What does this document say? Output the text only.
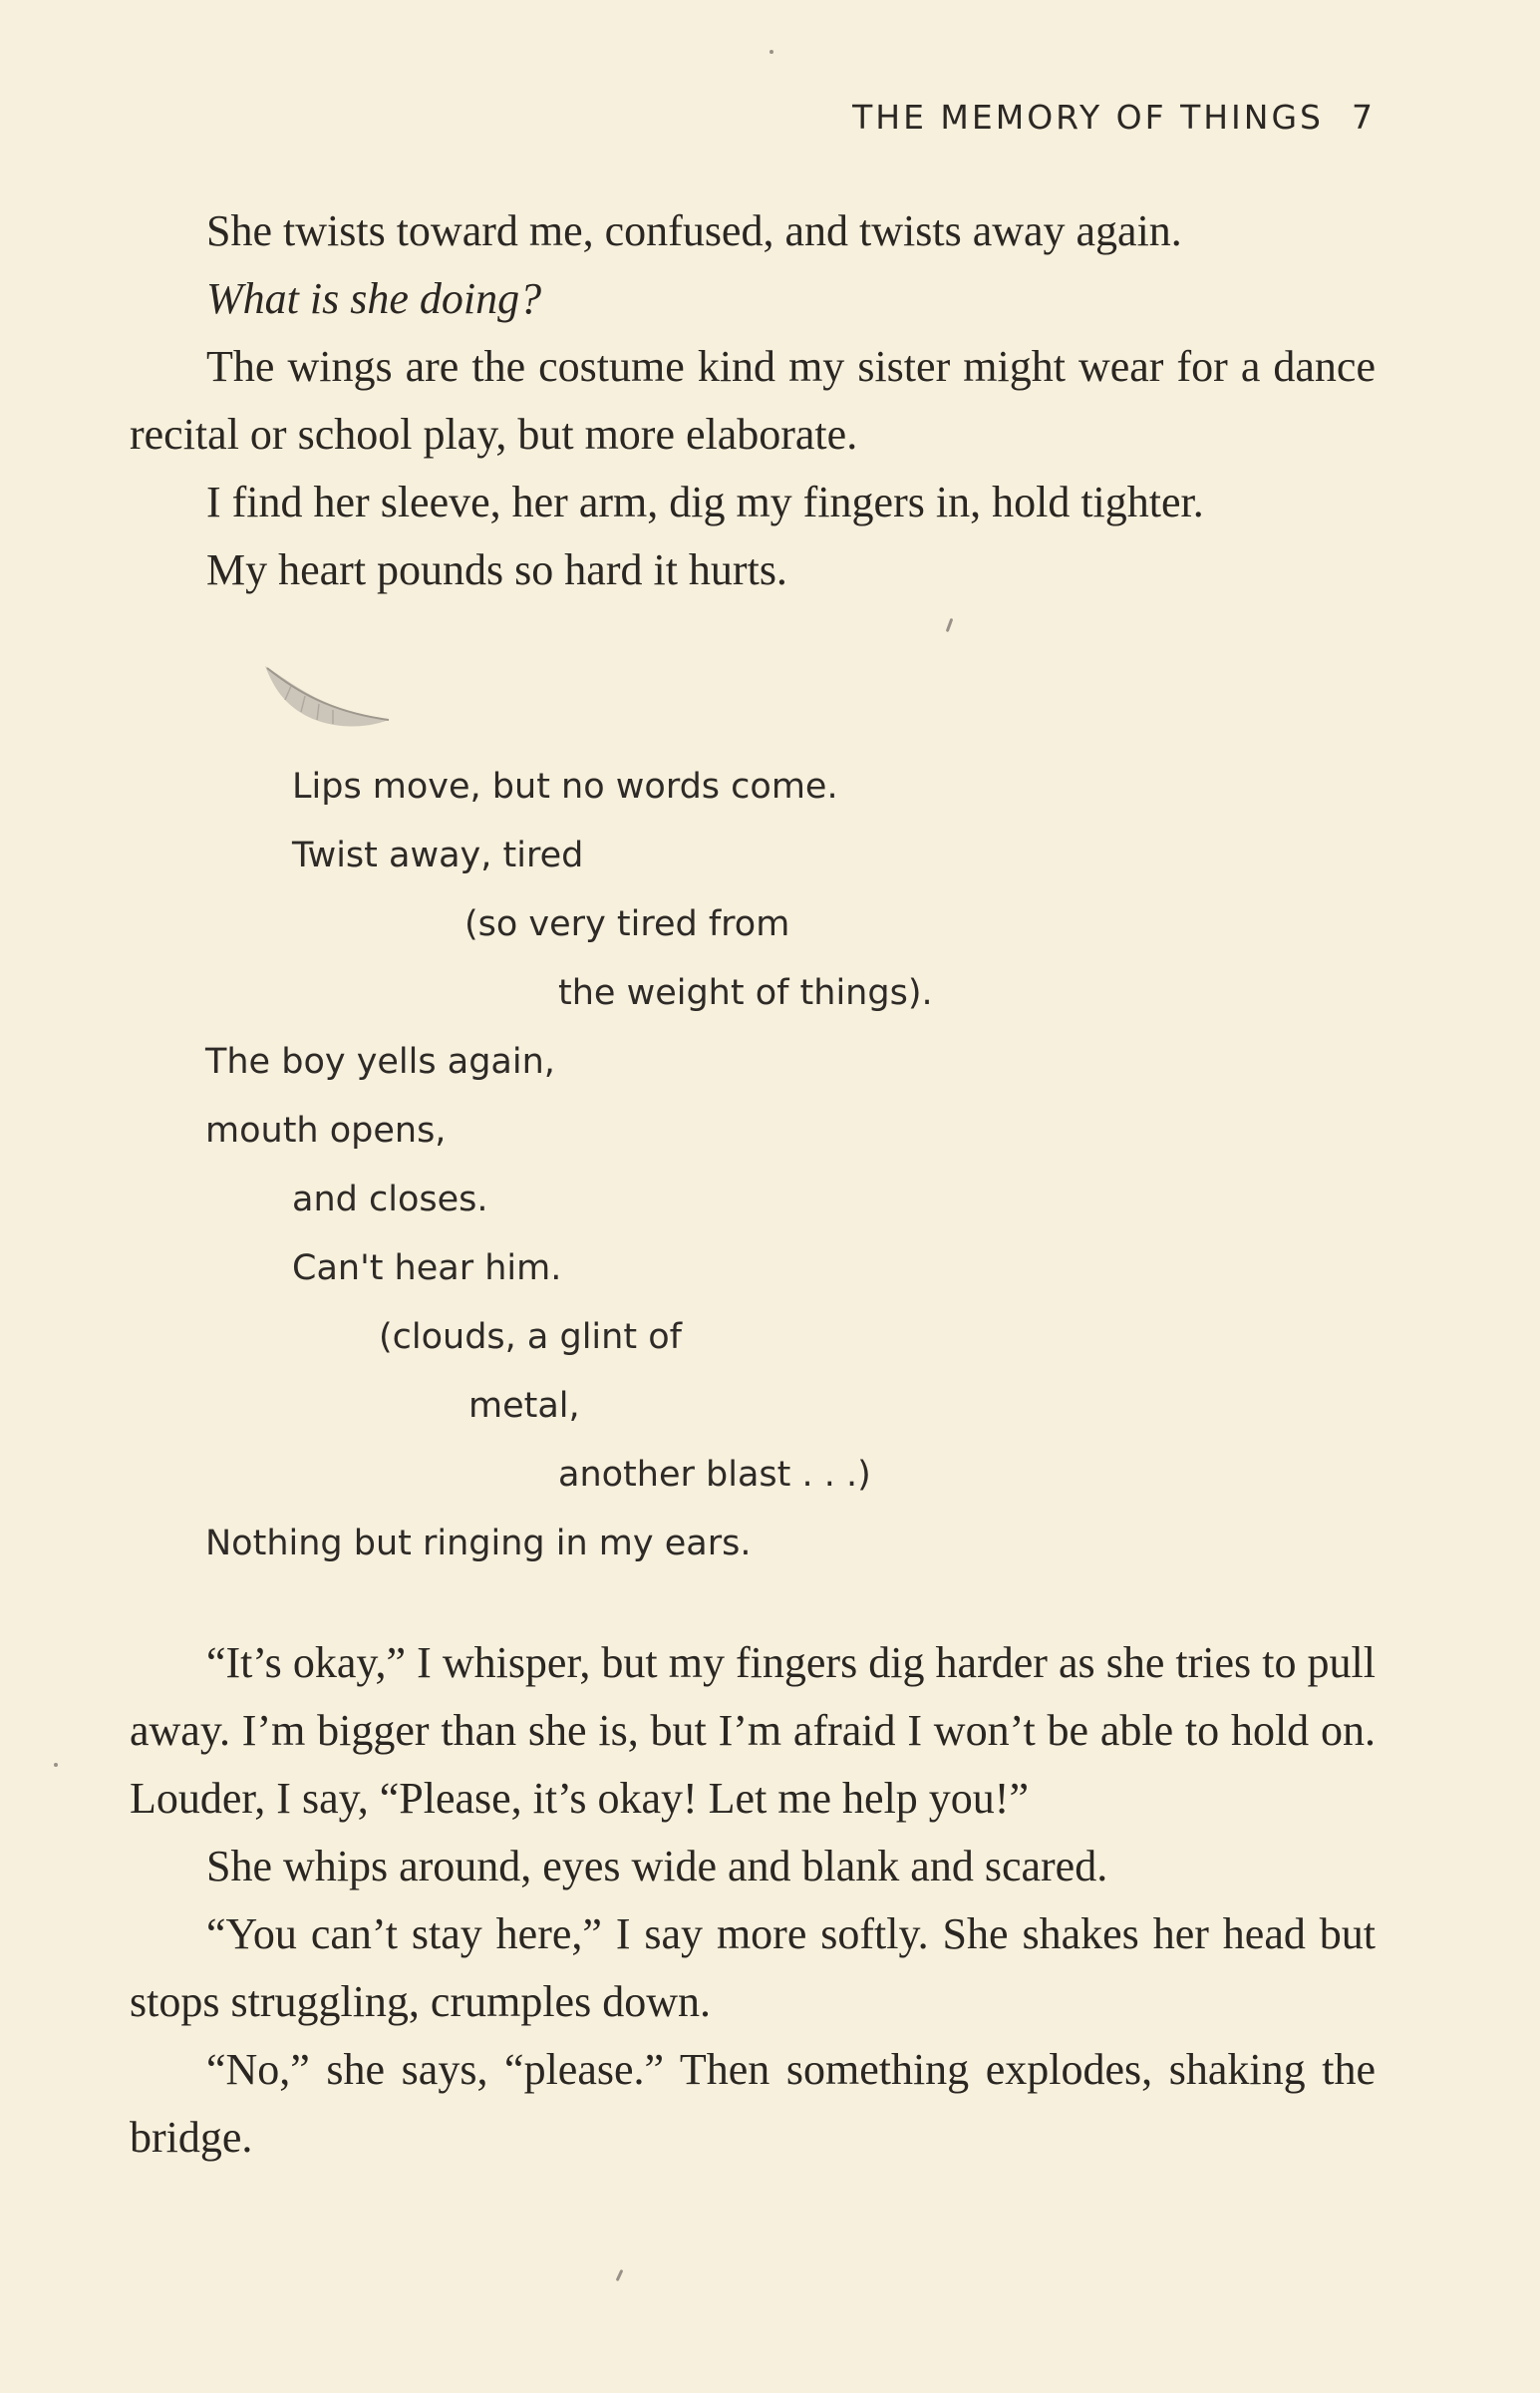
THE MEMORY OF THINGS 7

She twists toward me, confused, and twists away again.

What is she doing?

The wings are the costume kind my sister might wear for a dance recital or school play, but more elaborate.

I find her sleeve, her arm, dig my fingers in, hold tighter.

My heart pounds so hard it hurts.

Lips move, but no words come.
Twist away, tired
(so very tired from
the weight of things).
The boy yells again,
mouth opens,
and closes.
Can't hear him.
(clouds, a glint of
metal,
another blast . . .)
Nothing but ringing in my ears.

“It’s okay,” I whisper, but my fingers dig harder as she tries to pull away. I’m bigger than she is, but I’m afraid I won’t be able to hold on. Louder, I say, “Please, it’s okay! Let me help you!”

She whips around, eyes wide and blank and scared.

“You can’t stay here,” I say more softly. She shakes her head but stops struggling, crumples down.

“No,” she says, “please.” Then something explodes, shaking the bridge.
